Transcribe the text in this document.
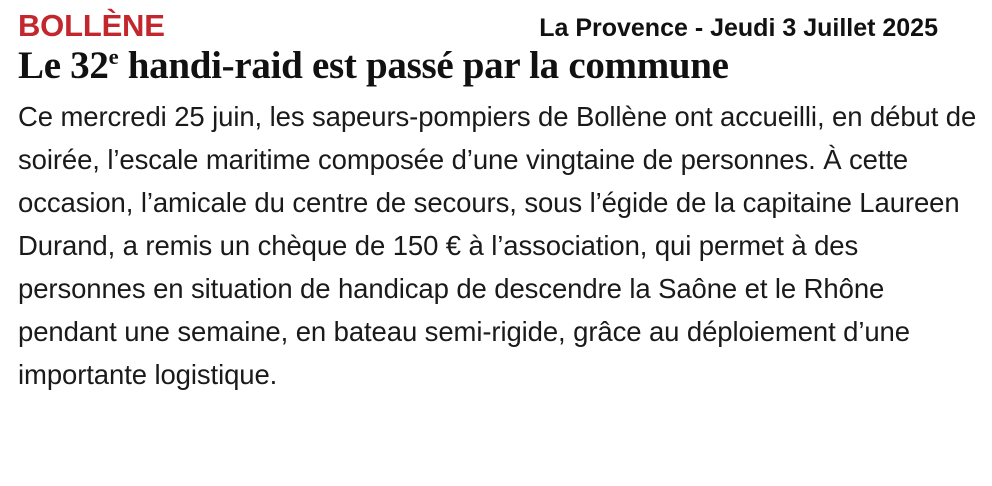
BOLLÈNE	La Provence - Jeudi 3 Juillet 2025
Le 32e handi-raid est passé par la commune

Ce mercredi 25 juin, les sapeurs-pompiers de Bollène ont accueilli, en début de soirée, l’escale maritime composée d’une vingtaine de personnes. À cette occasion, l’amicale du centre de secours, sous l’égide de la capitaine Laureen Durand, a remis un chèque de 150 € à l’association, qui permet à des personnes en situation de handicap de descendre la Saône et le Rhône pendant une semaine, en bateau semi-rigide, grâce au déploiement d’une importante logistique.
